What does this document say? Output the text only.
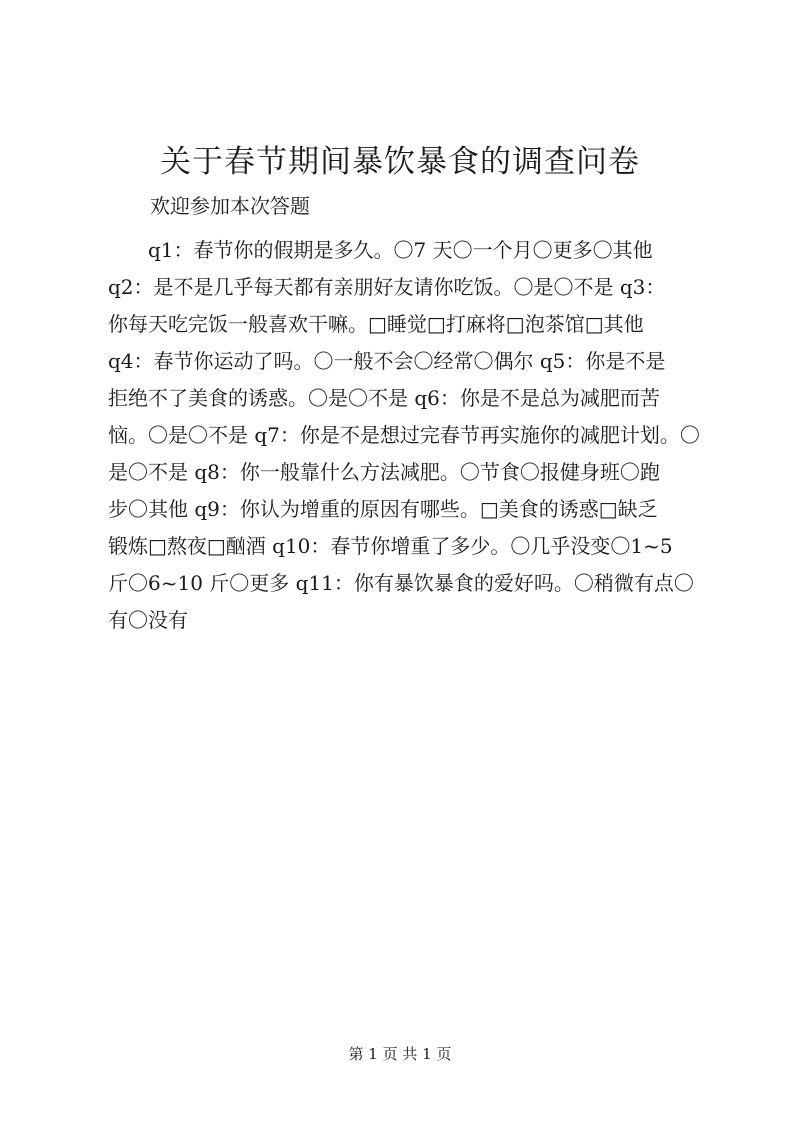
关于春节期间暴饮暴食的调查问卷

欢迎参加本次答题

q1：春节你的假期是多久。〇7 天〇一个月〇更多〇其他
q2：是不是几乎每天都有亲朋好友请你吃饭。〇是〇不是 q3：
你每天吃完饭一般喜欢干嘛。□睡觉□打麻将□泡茶馆□其他
q4：春节你运动了吗。〇一般不会〇经常〇偶尔 q5：你是不是
拒绝不了美食的诱惑。〇是〇不是 q6：你是不是总为减肥而苦
恼。〇是〇不是 q7：你是不是想过完春节再实施你的减肥计划。〇
是〇不是 q8：你一般靠什么方法减肥。〇节食〇报健身班〇跑
步〇其他 q9：你认为增重的原因有哪些。□美食的诱惑□缺乏
锻炼□熬夜□酗酒 q10：春节你增重了多少。〇几乎没变〇1~5
斤〇6~10 斤〇更多 q11：你有暴饮暴食的爱好吗。〇稍微有点〇
有〇没有

第 1 页 共 1 页
